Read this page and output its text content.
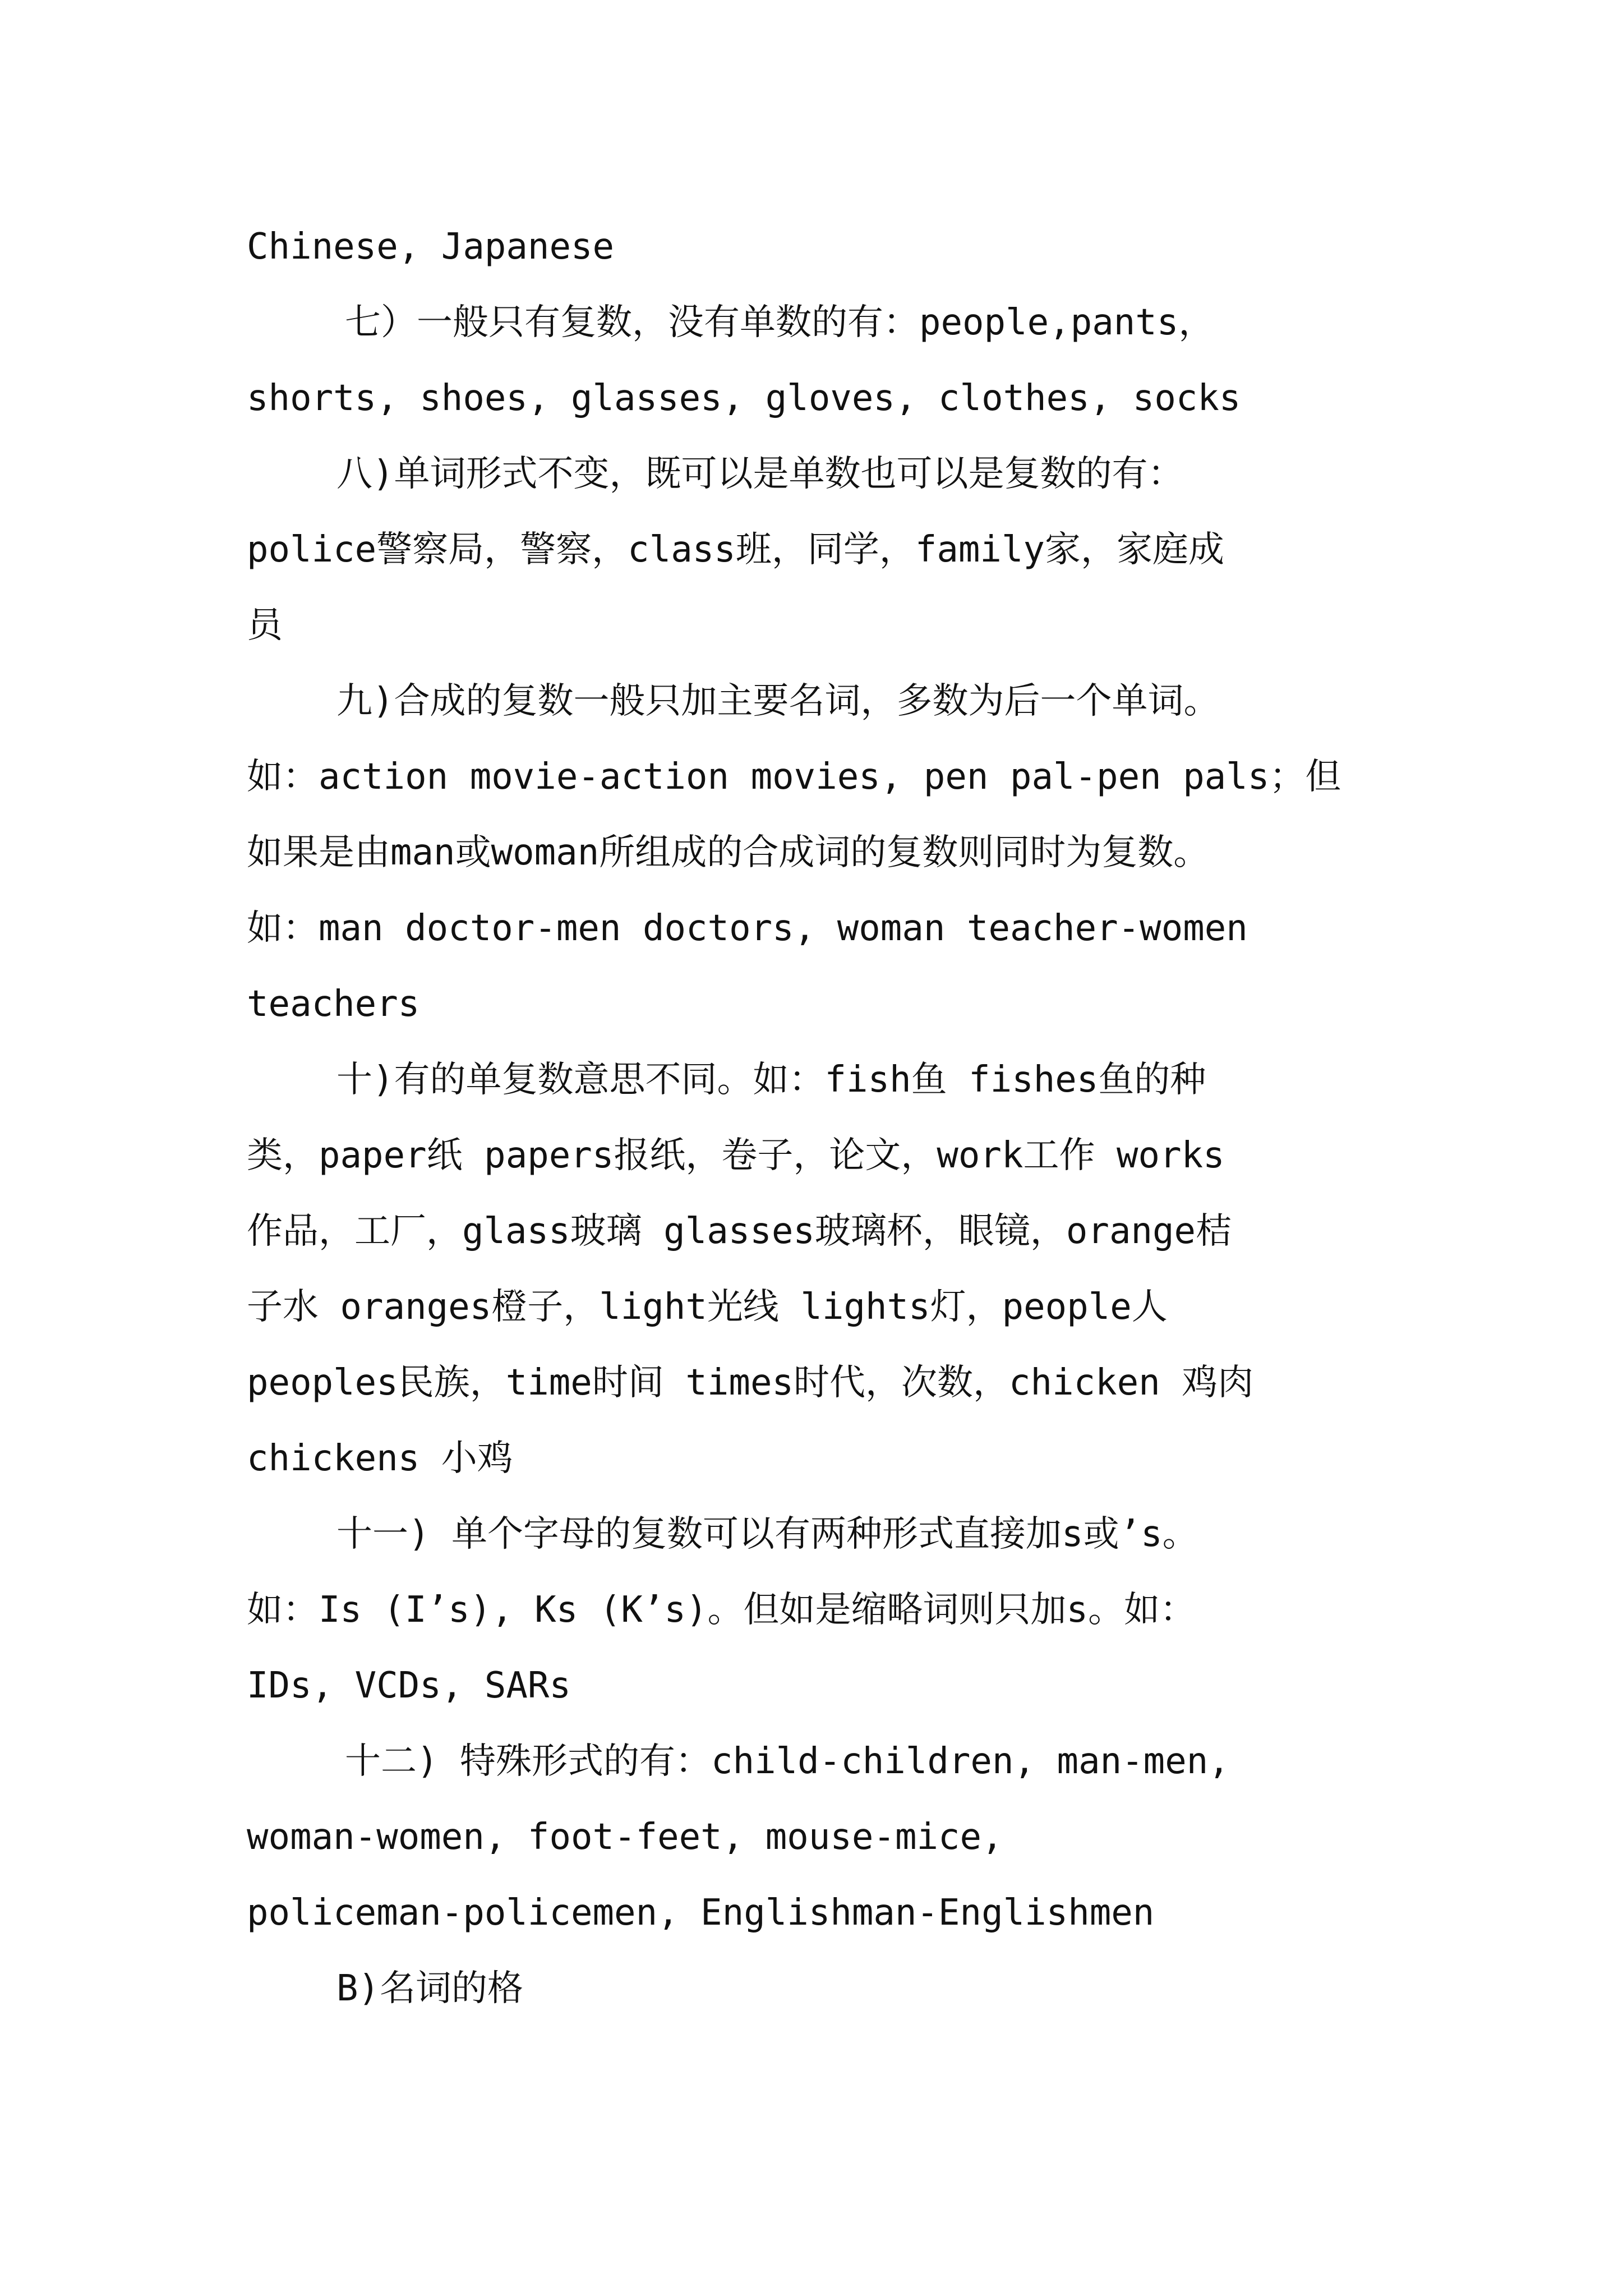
Chinese, Japanese
七）一般只有复数，没有单数的有：people,pants，
shorts, shoes, glasses, gloves, clothes, socks
八)单词形式不变，既可以是单数也可以是复数的有：
police警察局，警察，class班，同学，family家，家庭成
员
九)合成的复数一般只加主要名词，多数为后一个单词。
如：action movie-action movies, pen pal-pen pals；但
如果是由man或woman所组成的合成词的复数则同时为复数。
如：man doctor-men doctors, woman teacher-women
teachers
十)有的单复数意思不同。如：fish鱼 fishes鱼的种
类，paper纸 papers报纸，卷子，论文，work工作 works
作品，工厂，glass玻璃 glasses玻璃杯，眼镜，orange桔
子水 oranges橙子，light光线 lights灯，people人
peoples民族，time时间 times时代，次数，chicken 鸡肉
chickens 小鸡
十一) 单个字母的复数可以有两种形式直接加s或’s。
如：Is (I’s), Ks (K’s)。但如是缩略词则只加s。如：
IDs, VCDs, SARs
十二) 特殊形式的有：child-children, man-men,
woman-women, foot-feet, mouse-mice,
policeman-policemen, Englishman-Englishmen
B)名词的格
